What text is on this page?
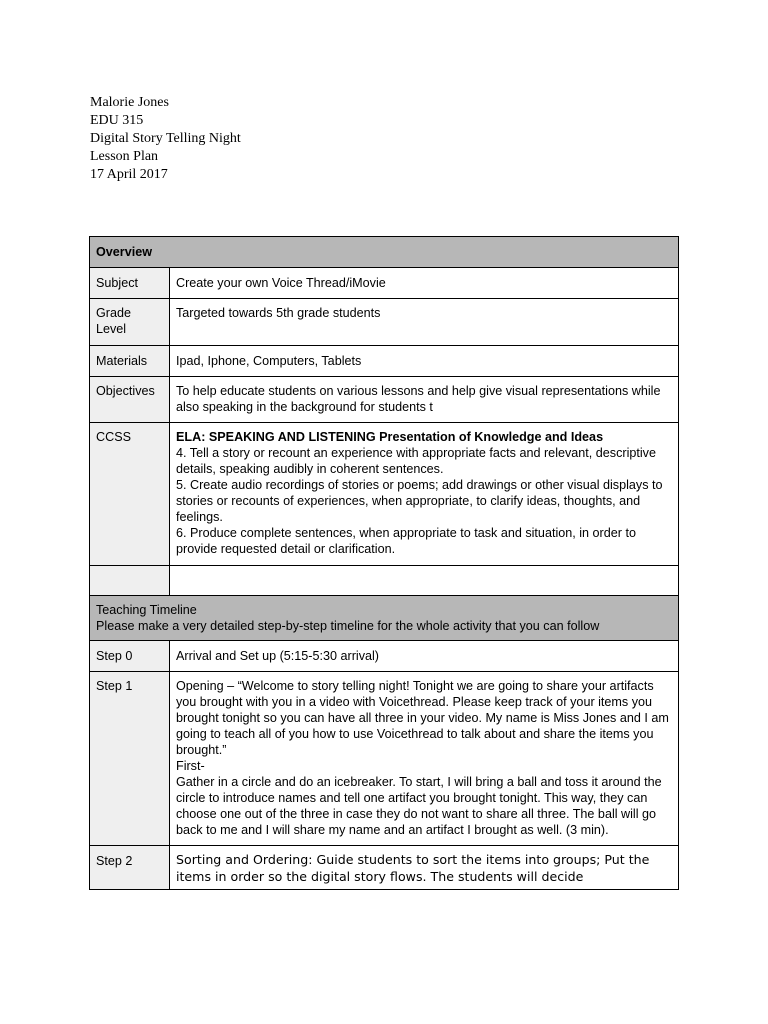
Malorie Jones
EDU 315
Digital Story Telling Night
Lesson Plan
17 April 2017
Overview	
Subject	Create your own Voice Thread/iMovie
Grade Level	Targeted towards 5th grade students
Materials	Ipad, Iphone, Computers, Tablets
Objectives	To help educate students on various lessons and help give visual representations while also speaking in the background for students t
CCSS	ELA: SPEAKING AND LISTENING Presentation of Knowledge and Ideas
4. Tell a story or recount an experience with appropriate facts and relevant, descriptive details, speaking audibly in coherent sentences.
5. Create audio recordings of stories or poems; add drawings or other visual displays to stories or recounts of experiences, when appropriate, to clarify ideas, thoughts, and feelings.
6. Produce complete sentences, when appropriate to task and situation, in order to provide requested detail or clarification.

Teaching Timeline
Please make a very detailed step-by-step timeline for the whole activity that you can follow	

Step 0	Arrival and Set up (5:15-5:30 arrival)
Step 1	Opening – “Welcome to story telling night! Tonight we are going to share your artifacts you brought with you in a video with Voicethread. Please keep track of your items you brought tonight so you can have all three in your video. My name is Miss Jones and I am going to teach all of you how to use Voicethread to talk about and share the items you brought.”
First-
Gather in a circle and do an icebreaker. To start, I will bring a ball and toss it around the circle to introduce names and tell one artifact you brought tonight. This way, they can choose one out of the three in case they do not want to share all three. The ball will go back to me and I will share my name and an artifact I brought as well. (3 min).

Step 2	Sorting and Ordering: Guide students to sort the items into groups; Put the items in order so the digital story flows. The students will decide
